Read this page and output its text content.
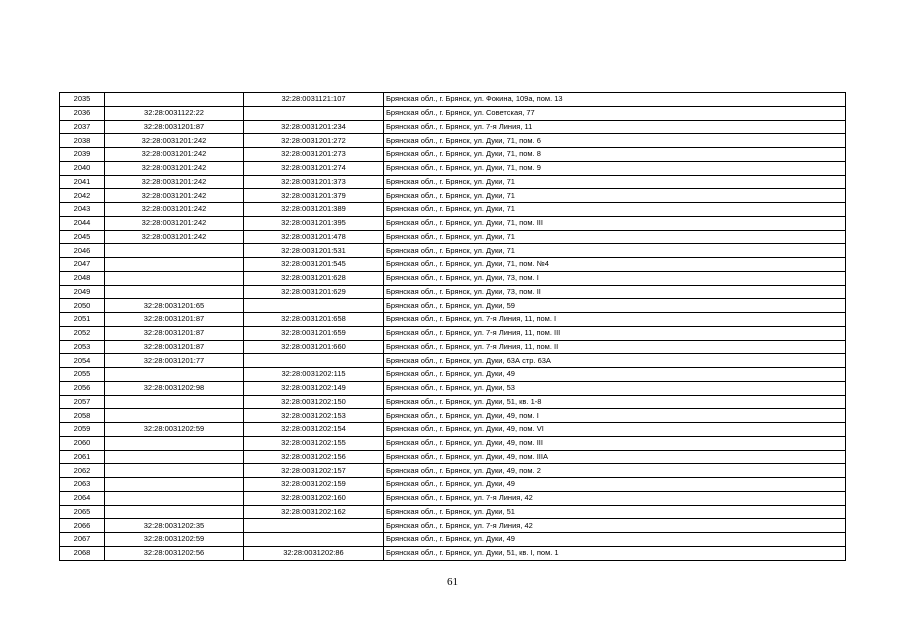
2035		32:28:0031121:107	Брянская обл., г. Брянск, ул. Фокина, 109а, пом. 13
2036	32:28:0031122:22		Брянская обл., г. Брянск, ул. Советская, 77
2037	32:28:0031201:87	32:28:0031201:234	Брянская обл., г. Брянск, ул. 7-я Линия, 11
2038	32:28:0031201:242	32:28:0031201:272	Брянская обл., г. Брянск, ул. Дуки, 71, пом. 6
2039	32:28:0031201:242	32:28:0031201:273	Брянская обл., г. Брянск, ул. Дуки, 71, пом. 8
2040	32:28:0031201:242	32:28:0031201:274	Брянская обл., г. Брянск, ул. Дуки, 71, пом. 9
2041	32:28:0031201:242	32:28:0031201:373	Брянская обл., г. Брянск, ул. Дуки, 71
2042	32:28:0031201:242	32:28:0031201:379	Брянская обл., г. Брянск, ул. Дуки, 71
2043	32:28:0031201:242	32:28:0031201:389	Брянская обл., г. Брянск, ул. Дуки, 71
2044	32:28:0031201:242	32:28:0031201:395	Брянская обл., г. Брянск, ул. Дуки, 71, пом. III
2045	32:28:0031201:242	32:28:0031201:478	Брянская обл., г. Брянск, ул. Дуки, 71
2046		32:28:0031201:531	Брянская обл., г. Брянск, ул. Дуки, 71
2047		32:28:0031201:545	Брянская обл., г. Брянск, ул. Дуки, 71, пом. №4
2048		32:28:0031201:628	Брянская обл., г. Брянск, ул. Дуки, 73, пом. I
2049		32:28:0031201:629	Брянская обл., г. Брянск, ул. Дуки, 73, пом. II
2050	32:28:0031201:65		Брянская обл., г. Брянск, ул. Дуки, 59
2051	32:28:0031201:87	32:28:0031201:658	Брянская обл., г. Брянск, ул. 7-я Линия, 11, пом. I
2052	32:28:0031201:87	32:28:0031201:659	Брянская обл., г. Брянск, ул. 7-я Линия, 11, пом. III
2053	32:28:0031201:87	32:28:0031201:660	Брянская обл., г. Брянск, ул. 7-я Линия, 11, пом. II
2054	32:28:0031201:77		Брянская обл., г. Брянск, ул. Дуки, 63А стр. 63А
2055		32:28:0031202:115	Брянская обл., г. Брянск, ул. Дуки, 49
2056	32:28:0031202:98	32:28:0031202:149	Брянская обл., г. Брянск, ул. Дуки, 53
2057		32:28:0031202:150	Брянская обл., г. Брянск, ул. Дуки, 51, кв. 1-8
2058		32:28:0031202:153	Брянская обл., г. Брянск, ул. Дуки, 49, пом. I
2059	32:28:0031202:59	32:28:0031202:154	Брянская обл., г. Брянск, ул. Дуки, 49, пом. VI
2060		32:28:0031202:155	Брянская обл., г. Брянск, ул. Дуки, 49, пом. III
2061		32:28:0031202:156	Брянская обл., г. Брянск, ул. Дуки, 49, пом. IIIA
2062		32:28:0031202:157	Брянская обл., г. Брянск, ул. Дуки, 49, пом. 2
2063		32:28:0031202:159	Брянская обл., г. Брянск, ул. Дуки, 49
2064		32:28:0031202:160	Брянская обл., г. Брянск, ул. 7-я Линия, 42
2065		32:28:0031202:162	Брянская обл., г. Брянск, ул. Дуки, 51
2066	32:28:0031202:35		Брянская обл., г. Брянск, ул. 7-я Линия, 42
2067	32:28:0031202:59		Брянская обл., г. Брянск, ул. Дуки, 49
2068	32:28:0031202:56	32:28:0031202:86	Брянская обл., г. Брянск, ул. Дуки, 51, кв. I, пом. 1
61
